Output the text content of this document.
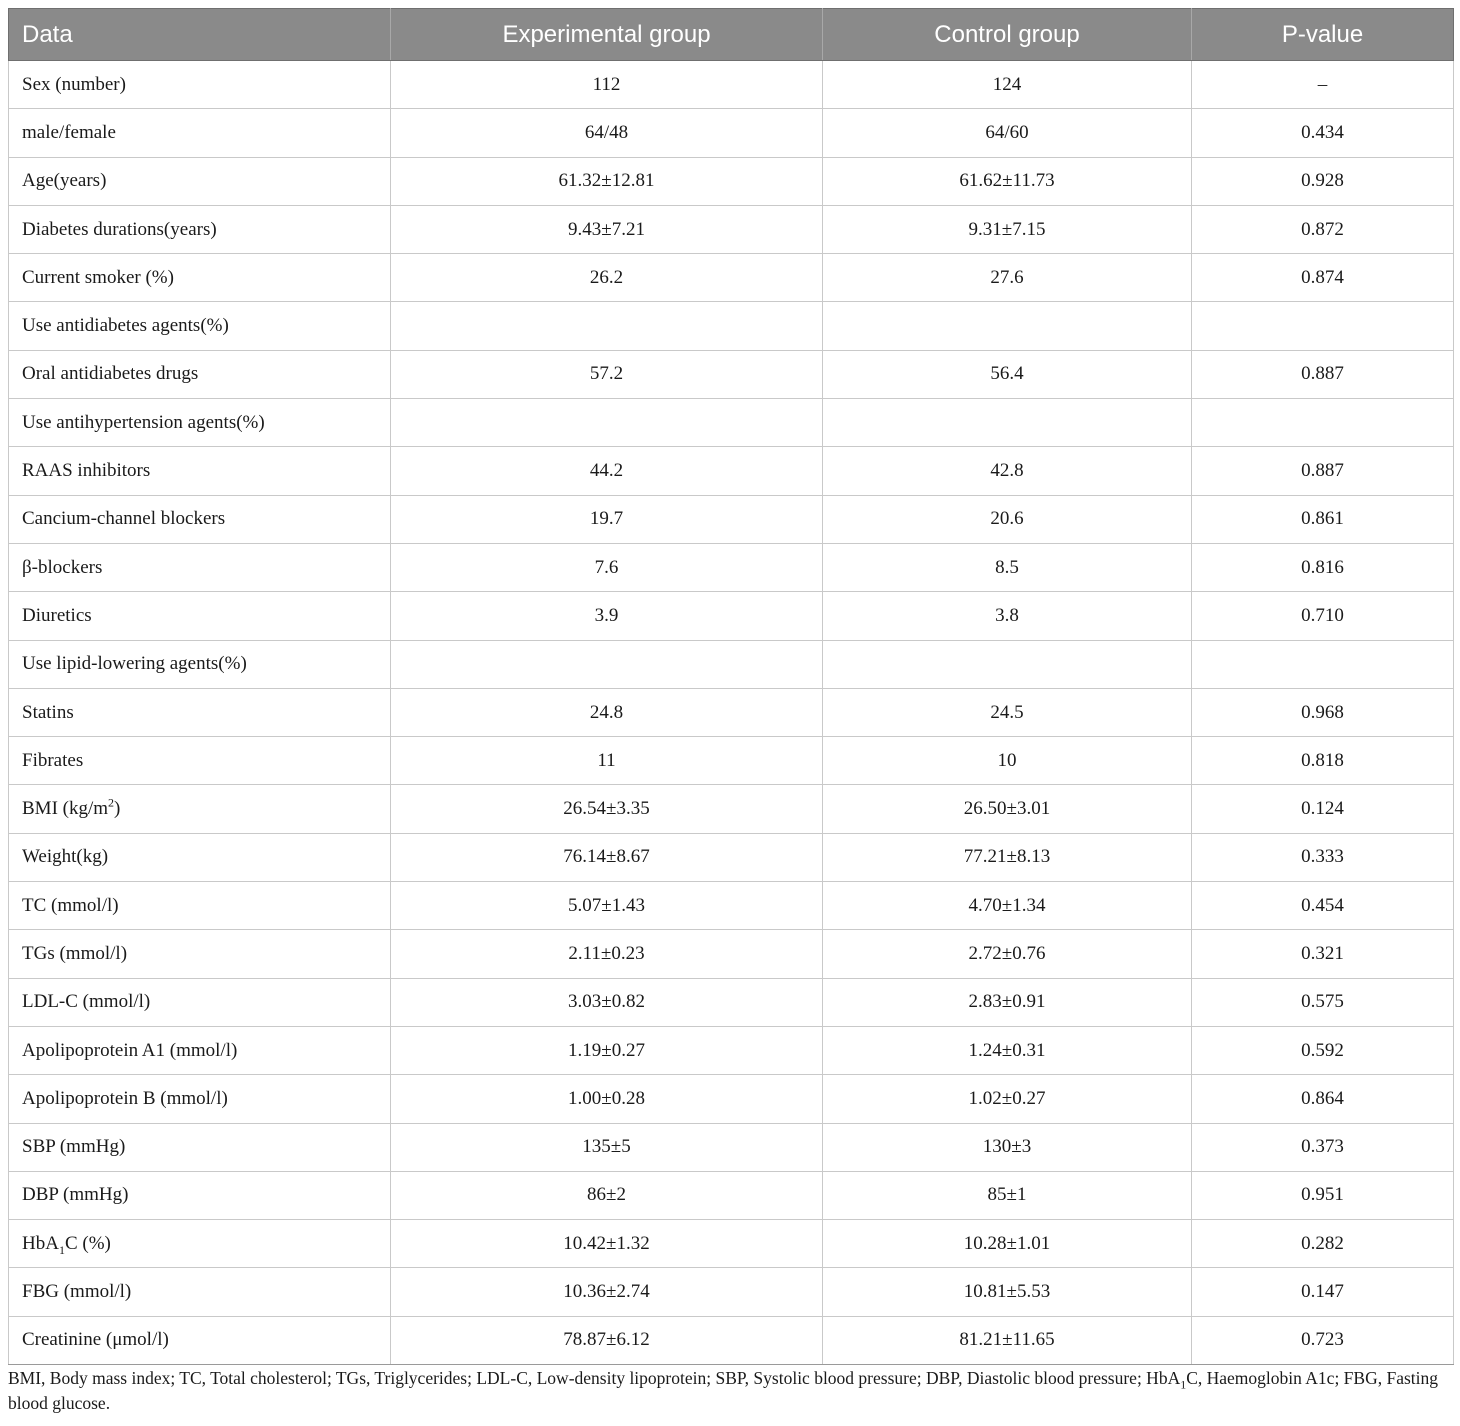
Data	Experimental group	Control group	P-value
Sex (number)	112	124	–
male/female	64/48	64/60	0.434
Age(years)	61.32±12.81	61.62±11.73	0.928
Diabetes durations(years)	9.43±7.21	9.31±7.15	0.872
Current smoker (%)	26.2	27.6	0.874
Use antidiabetes agents(%)			
Oral antidiabetes drugs	57.2	56.4	0.887
Use antihypertension agents(%)			
RAAS inhibitors	44.2	42.8	0.887
Cancium-channel blockers	19.7	20.6	0.861
β-blockers	7.6	8.5	0.816
Diuretics	3.9	3.8	0.710
Use lipid-lowering agents(%)			
Statins	24.8	24.5	0.968
Fibrates	11	10	0.818
BMI $(kg/m^2)$	26.54±3.35	26.50±3.01	0.124
Weight(kg)	76.14±8.67	77.21±8.13	0.333
TC (mmol/l)	5.07±1.43	4.70±1.34	0.454
TGs (mmol/l)	2.11±0.23	2.72±0.76	0.321
LDL-C (mmol/l)	3.03±0.82	2.83±0.91	0.575
Apolipoprotein A1 (mmol/l)	1.19±0.27	1.24±0.31	0.592
Apolipoprotein B (mmol/l)	1.00±0.28	1.02±0.27	0.864
SBP (mmHg)	135±5	130±3	0.373
DBP (mmHg)	86±2	85±1	0.951
HbA$_1$C (%)	10.42±1.32	10.28±1.01	0.282
FBG (mmol/l)	10.36±2.74	10.81±5.53	0.147
Creatinine (μmol/l)	78.87±6.12	81.21±11.65	0.723
BMI, Body mass index; TC, Total cholesterol; TGs, Triglycerides; LDL-C, Low-density lipoprotein; SBP, Systolic blood pressure; DBP, Diastolic blood pressure; HbA$_1$C, Haemoglobin A1c; FBG, Fasting blood glucose.
